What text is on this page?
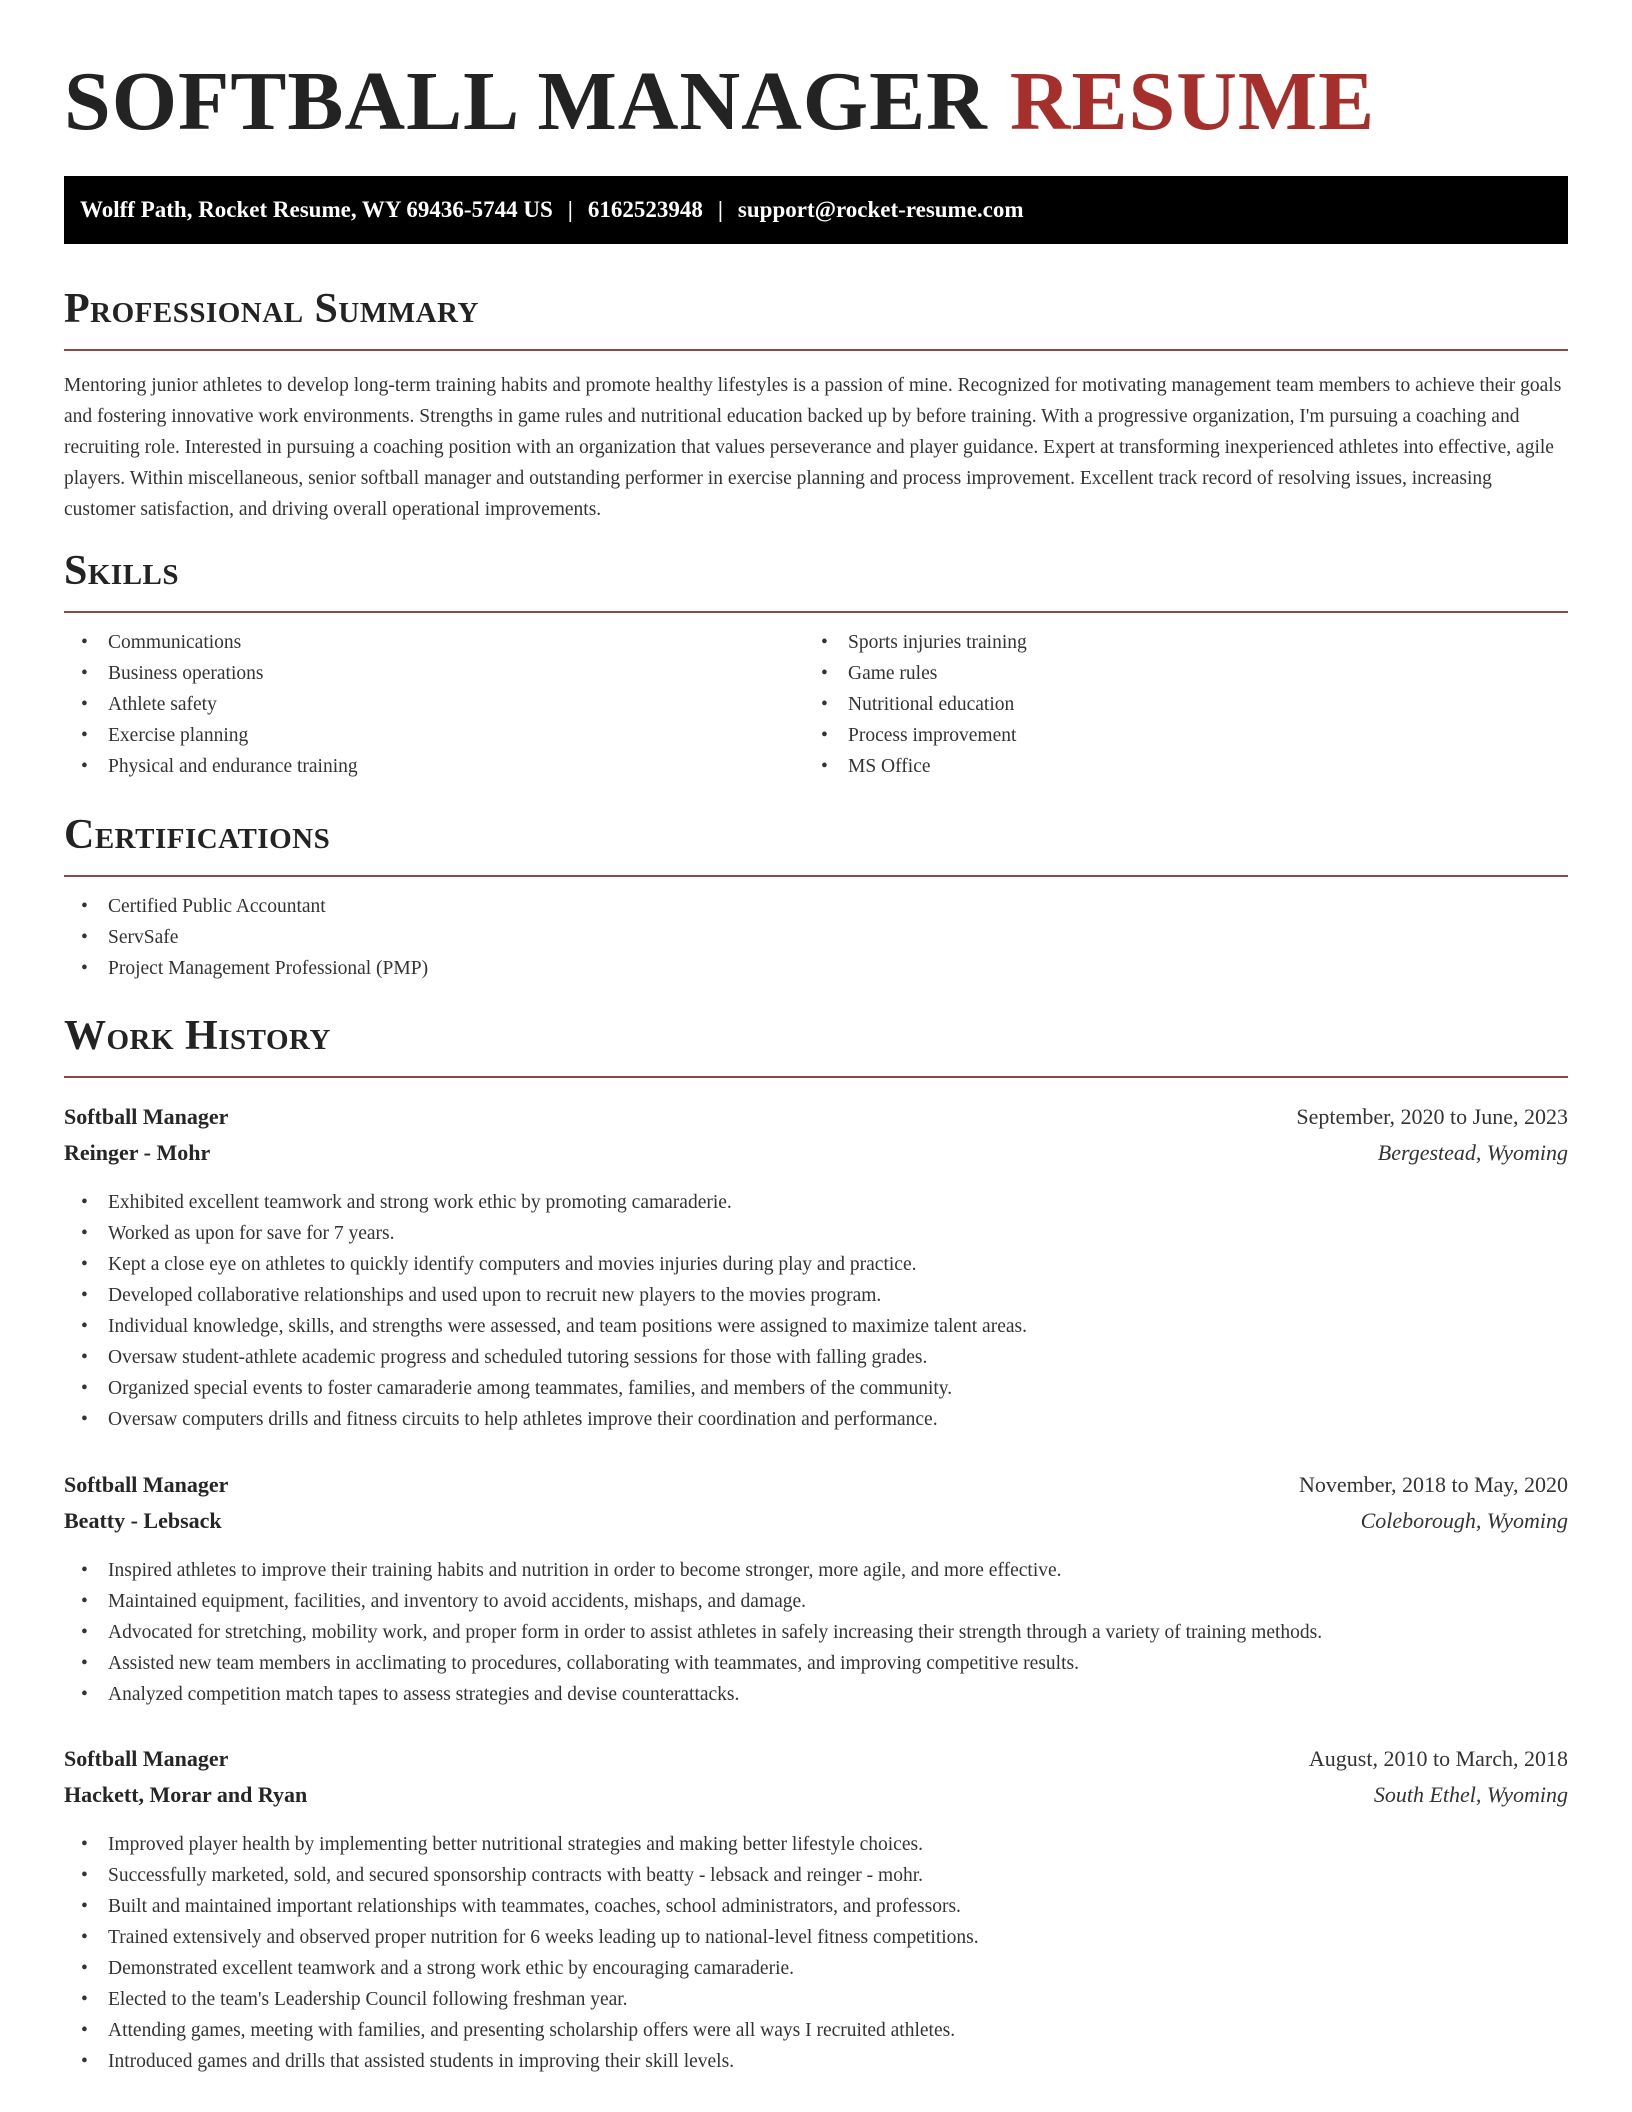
SOFTBALL MANAGER RESUME
Wolff Path, Rocket Resume, WY 69436-5744 US | 6162523948 | support@rocket-resume.com
Professional Summary

Mentoring junior athletes to develop long-term training habits and promote healthy lifestyles is a passion of mine. Recognized for motivating management team members to achieve their goals and fostering innovative work environments. Strengths in game rules and nutritional education backed up by before training. With a progressive organization, I'm pursuing a coaching and recruiting role. Interested in pursuing a coaching position with an organization that values perseverance and player guidance. Expert at transforming inexperienced athletes into effective, agile players. Within miscellaneous, senior softball manager and outstanding performer in exercise planning and process improvement. Excellent track record of resolving issues, increasing customer satisfaction, and driving overall operational improvements.

Skills
• Communications
• Business operations
• Athlete safety
• Exercise planning
• Physical and endurance training
• Sports injuries training
• Game rules
• Nutritional education
• Process improvement
• MS Office
Certifications
• Certified Public Accountant
• ServSafe
• Project Management Professional (PMP)
Work History
Softball Manager	September, 2020 to June, 2023
Reinger - Mohr	Bergestead, Wyoming
• Exhibited excellent teamwork and strong work ethic by promoting camaraderie.
• Worked as upon for save for 7 years.
• Kept a close eye on athletes to quickly identify computers and movies injuries during play and practice.
• Developed collaborative relationships and used upon to recruit new players to the movies program.
• Individual knowledge, skills, and strengths were assessed, and team positions were assigned to maximize talent areas.
• Oversaw student-athlete academic progress and scheduled tutoring sessions for those with falling grades.
• Organized special events to foster camaraderie among teammates, families, and members of the community.
• Oversaw computers drills and fitness circuits to help athletes improve their coordination and performance.
Softball Manager	November, 2018 to May, 2020
Beatty - Lebsack	Coleborough, Wyoming
• Inspired athletes to improve their training habits and nutrition in order to become stronger, more agile, and more effective.
• Maintained equipment, facilities, and inventory to avoid accidents, mishaps, and damage.
• Advocated for stretching, mobility work, and proper form in order to assist athletes in safely increasing their strength through a variety of training methods.
• Assisted new team members in acclimating to procedures, collaborating with teammates, and improving competitive results.
• Analyzed competition match tapes to assess strategies and devise counterattacks.
Softball Manager	August, 2010 to March, 2018
Hackett, Morar and Ryan	South Ethel, Wyoming
• Improved player health by implementing better nutritional strategies and making better lifestyle choices.
• Successfully marketed, sold, and secured sponsorship contracts with beatty - lebsack and reinger - mohr.
• Built and maintained important relationships with teammates, coaches, school administrators, and professors.
• Trained extensively and observed proper nutrition for 6 weeks leading up to national-level fitness competitions.
• Demonstrated excellent teamwork and a strong work ethic by encouraging camaraderie.
• Elected to the team's Leadership Council following freshman year.
• Attending games, meeting with families, and presenting scholarship offers were all ways I recruited athletes.
• Introduced games and drills that assisted students in improving their skill levels.
